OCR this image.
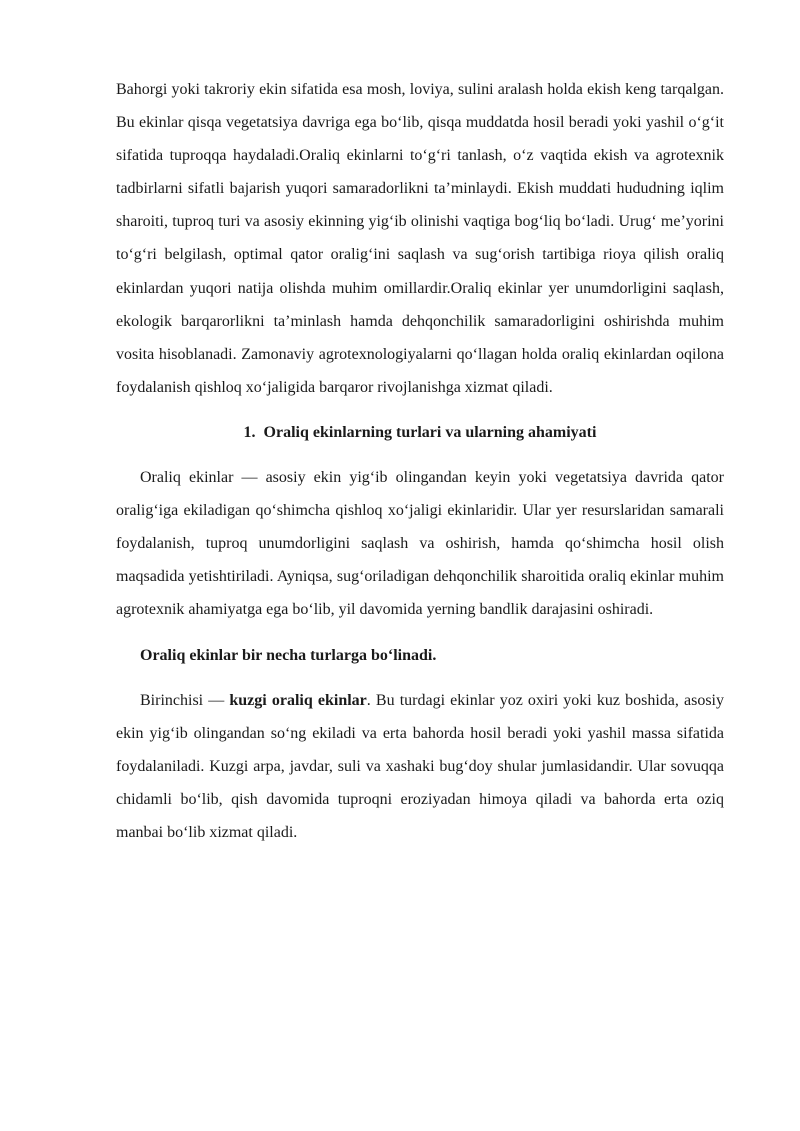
Bahorgi yoki takroriy ekin sifatida esa mosh, loviya, sulini aralash holda ekish keng tarqalgan. Bu ekinlar qisqa vegetatsiya davriga ega bo‘lib, qisqa muddatda hosil beradi yoki yashil o‘g‘it sifatida tuproqqa haydaladi.Oraliq ekinlarni to‘g‘ri tanlash, o‘z vaqtida ekish va agrotexnik tadbirlarni sifatli bajarish yuqori samaradorlikni ta’minlaydi. Ekish muddati hududning iqlim sharoiti, tuproq turi va asosiy ekinning yig‘ib olinishi vaqtiga bog‘liq bo‘ladi. Urug‘ me’yorini to‘g‘ri belgilash, optimal qator oralig‘ini saqlash va sug‘orish tartibiga rioya qilish oraliq ekinlardan yuqori natija olishda muhim omillardir.Oraliq ekinlar yer unumdorligini saqlash, ekologik barqarorlikni ta’minlash hamda dehqonchilik samaradorligini oshirishda muhim vosita hisoblanadi. Zamonaviy agrotexnologiyalarni qo‘llagan holda oraliq ekinlardan oqilona foydalanish qishloq xo‘jaligida barqaror rivojlanishga xizmat qiladi.

1. Oraliq ekinlarning turlari va ularning ahamiyati

Oraliq ekinlar — asosiy ekin yig‘ib olingandan keyin yoki vegetatsiya davrida qator oralig‘iga ekiladigan qo‘shimcha qishloq xo‘jaligi ekinlaridir. Ular yer resurslaridan samarali foydalanish, tuproq unumdorligini saqlash va oshirish, hamda qo‘shimcha hosil olish maqsadida yetishtiriladi. Ayniqsa, sug‘oriladigan dehqonchilik sharoitida oraliq ekinlar muhim agrotexnik ahamiyatga ega bo‘lib, yil davomida yerning bandlik darajasini oshiradi.

Oraliq ekinlar bir necha turlarga bo‘linadi.

Birinchisi — kuzgi oraliq ekinlar. Bu turdagi ekinlar yoz oxiri yoki kuz boshida, asosiy ekin yig‘ib olingandan so‘ng ekiladi va erta bahorda hosil beradi yoki yashil massa sifatida foydalaniladi. Kuzgi arpa, javdar, suli va xashaki bug‘doy shular jumlasidandir. Ular sovuqqa chidamli bo‘lib, qish davomida tuproqni eroziyadan himoya qiladi va bahorda erta oziq manbai bo‘lib xizmat qiladi.
